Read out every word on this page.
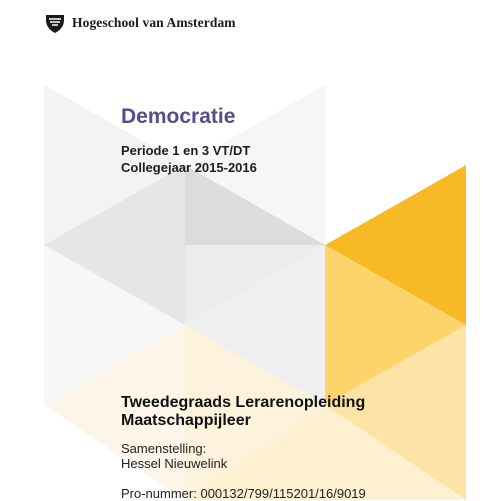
Hogeschool van Amsterdam
Democratie
Periode 1 en 3 VT/DT
Collegejaar 2015-2016
Tweedegraads Lerarenopleiding
Maatschappijleer
Samenstelling:
Hessel Nieuwelink
Pro-nummer: 000132/799/115201/16/9019
